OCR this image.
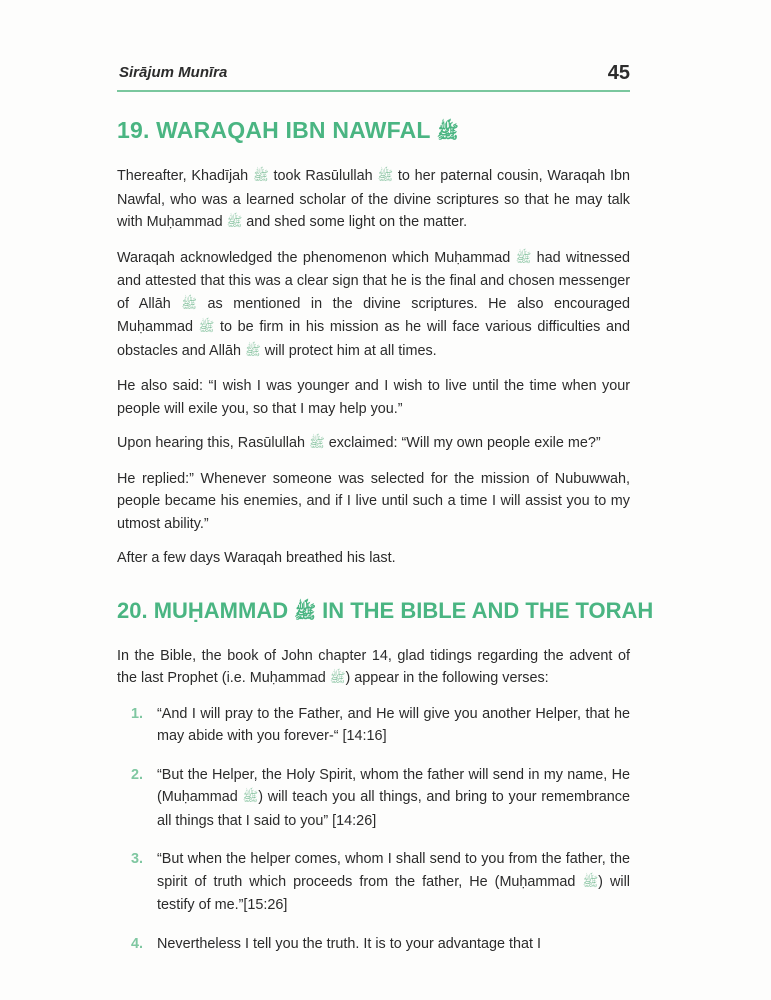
Sirājum Munīra	45
19. WARAQAH IBN NAWFAL ﷺ

Thereafter, Khadījah ﷺ took Rasūlullah ﷺ to her paternal cousin, Waraqah Ibn Nawfal, who was a learned scholar of the divine scriptures so that he may talk with Muḥammad ﷺ and shed some light on the matter.

Waraqah acknowledged the phenomenon which Muḥammad ﷺ had witnessed and attested that this was a clear sign that he is the final and chosen messenger of Allāh ﷺ as mentioned in the divine scriptures. He also encouraged Muḥammad ﷺ to be firm in his mission as he will face various difficulties and obstacles and Allāh ﷺ will protect him at all times.

He also said: “I wish I was younger and I wish to live until the time when your people will exile you, so that I may help you.”

Upon hearing this, Rasūlullah ﷺ exclaimed: “Will my own people exile me?”

He replied:” Whenever someone was selected for the mission of Nubuwwah, people became his enemies, and if I live until such a time I will assist you to my utmost ability.”

After a few days Waraqah breathed his last.

20. MUḤAMMAD ﷺ IN THE BIBLE AND THE TORAH

In the Bible, the book of John chapter 14, glad tidings regarding the advent of the last Prophet (i.e. Muḥammad ﷺ) appear in the following verses:

1. “And I will pray to the Father, and He will give you another Helper, that he may abide with you forever-“ [14:16]
2. “But the Helper, the Holy Spirit, whom the father will send in my name, He (Muḥammad ﷺ) will teach you all things, and bring to your remembrance all things that I said to you” [14:26]
3. “But when the helper comes, whom I shall send to you from the father, the spirit of truth which proceeds from the father, He (Muḥammad ﷺ) will testify of me.”[15:26]
4. Nevertheless I tell you the truth. It is to your advantage that I
